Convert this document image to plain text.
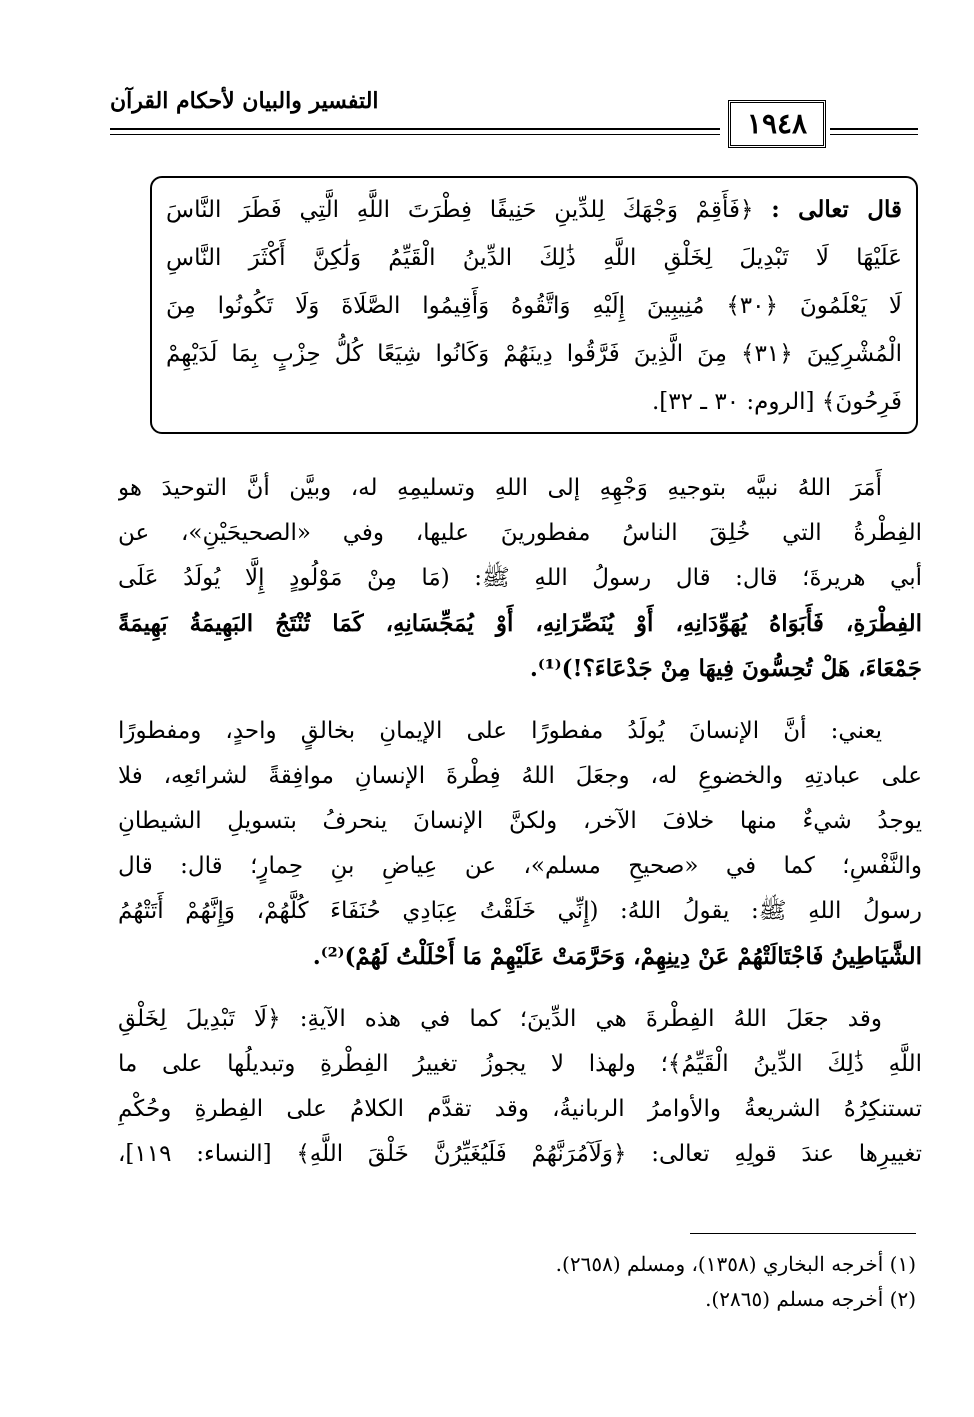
التفسير والبيان لأحكام القرآن
١٩٤٨
قال تعالى : ﴿فَأَقِمْ وَجْهَكَ لِلدِّينِ حَنِيفًا فِطْرَتَ اللَّهِ الَّتِي فَطَرَ النَّاسَ
عَلَيْهَا لَا تَبْدِيلَ لِخَلْقِ اللَّهِ ذَٰلِكَ الدِّينُ الْقَيِّمُ وَلَٰكِنَّ أَكْثَرَ النَّاسِ
لَا يَعْلَمُونَ ﴿٣٠﴾ مُنِيبِينَ إِلَيْهِ وَاتَّقُوهُ وَأَقِيمُوا الصَّلَاةَ وَلَا تَكُونُوا مِنَ
الْمُشْرِكِينَ ﴿٣١﴾ مِنَ الَّذِينَ فَرَّقُوا دِينَهُمْ وَكَانُوا شِيَعًا كُلُّ حِزْبٍ بِمَا لَدَيْهِمْ
فَرِحُونَ﴾ [الروم: ٣٠ ـ ٣٢].
أَمَرَ اللهُ نبيَّه بتوجيهِ وَجْهِهِ إلى اللهِ وتسليمِهِ له، وبيَّن أنَّ التوحيدَ هو
الفِطْرةُ التي خُلِقَ الناسُ مفطورينَ عليها، وفي «الصحيحَيْنِ»، عن
أبي هريرةَ؛ قال: قال رسولُ اللهِ ﷺ: (مَا مِنْ مَوْلُودٍ إِلَّا يُولَدُ عَلَى
الفِطْرَةِ، فَأَبَوَاهُ يُهَوِّدَانِهِ، أَوْ يُنَصِّرَانِهِ، أَوْ يُمَجِّسَانِهِ، كَمَا تُنْتَجُ البَهِيمَةُ بَهِيمَةً
جَمْعَاءَ، هَلْ تُحِسُّونَ فِيهَا مِنْ جَدْعَاءَ؟!)⁽¹⁾.
يعني: أنَّ الإنسانَ يُولَدُ مفطورًا على الإيمانِ بخالقٍ واحدٍ، ومفطورًا
على عبادتِهِ والخضوعِ له، وجعَلَ اللهُ فِطْرةَ الإنسانِ موافِقةً لشرائعِه، فلا
يوجدُ شيءٌ منها خلافَ الآخر، ولكنَّ الإنسانَ ينحرفُ بتسويلِ الشيطانِ
والنَّفْسِ؛ كما في «صحيحِ مسلم»، عن عِياضِ بنِ حِمارٍ؛ قال: قال
رسولُ اللهِ ﷺ: يقولُ اللهُ: (إِنِّي خَلَقْتُ عِبَادِي حُنَفَاءَ كُلَّهُمْ، وَإِنَّهُمْ أَتَتْهُمُ
الشَّيَاطِينُ فَاجْتَالَتْهُمْ عَنْ دِينِهِمْ، وَحَرَّمَتْ عَلَيْهِمْ مَا أَحْلَلْتُ لَهُمْ)⁽²⁾.
وقد جعَلَ اللهُ الفِطْرةَ هي الدِّينَ؛ كما في هذه الآيةِ: ﴿لَا تَبْدِيلَ لِخَلْقِ
اللَّهِ ذَٰلِكَ الدِّينُ الْقَيِّمُ﴾؛ ولهذا لا يجوزُ تغييرُ الفِطْرةِ وتبديلُها على ما
تستنكِرُهُ الشريعةُ والأوامرُ الربانيةُ، وقد تقدَّم الكلامُ على الفِطرةِ وحُكْمِ
تغييرِها عندَ قولِهِ تعالى: ﴿وَلَآمُرَنَّهُمْ فَلَيُغَيِّرُنَّ خَلْقَ اللَّهِ﴾ [النساء: ١١٩]،
(١) أخرجه البخاري (١٣٥٨)، ومسلم (٢٦٥٨).
(٢) أخرجه مسلم (٢٨٦٥).
